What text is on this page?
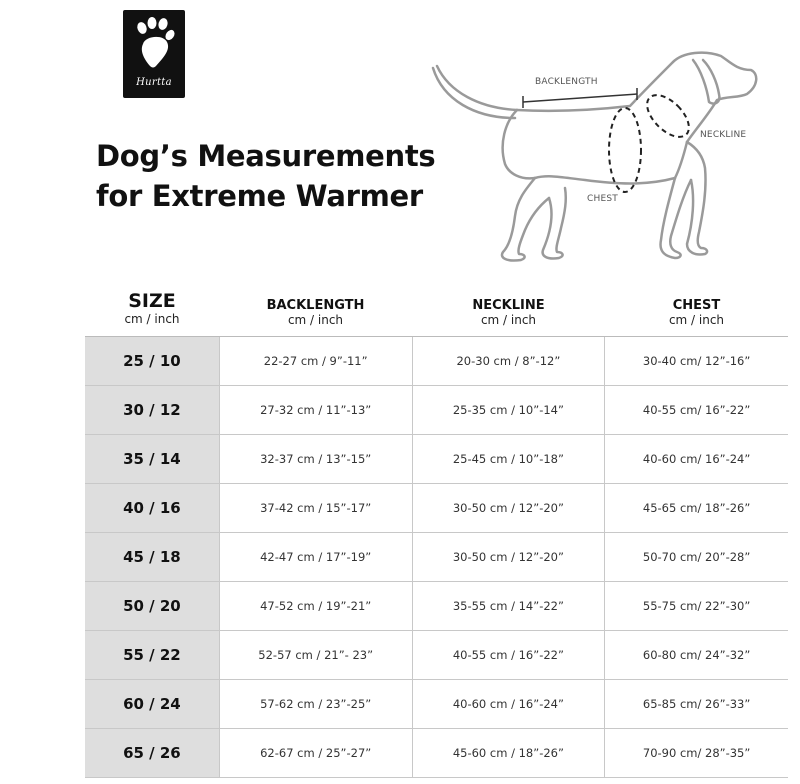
Hurtta
Dog’s Measurements
for Extreme Warmer
BACKLENGTH
NECKLINE
CHEST
SIZE
cm / inch
BACKLENGTH
cm / inch
NECKLINE
cm / inch
CHEST
cm / inch
25 / 10	22-27 cm / 9”-11”	20-30 cm / 8”-12”	30-40 cm/ 12”-16”
30 / 12	27-32 cm / 11”-13”	25-35 cm / 10”-14”	40-55 cm/ 16”-22”
35 / 14	32-37 cm / 13”-15”	25-45 cm / 10”-18”	40-60 cm/ 16”-24”
40 / 16	37-42 cm / 15”-17”	30-50 cm / 12”-20”	45-65 cm/ 18”-26”
45 / 18	42-47 cm / 17”-19”	30-50 cm / 12”-20”	50-70 cm/ 20”-28”
50 / 20	47-52 cm / 19”-21”	35-55 cm / 14”-22”	55-75 cm/ 22”-30”
55 / 22	52-57 cm / 21”- 23”	40-55 cm / 16”-22”	60-80 cm/ 24”-32”
60 / 24	57-62 cm / 23”-25”	40-60 cm / 16”-24”	65-85 cm/ 26”-33”
65 / 26	62-67 cm / 25”-27”	45-60 cm / 18”-26”	70-90 cm/ 28”-35”
